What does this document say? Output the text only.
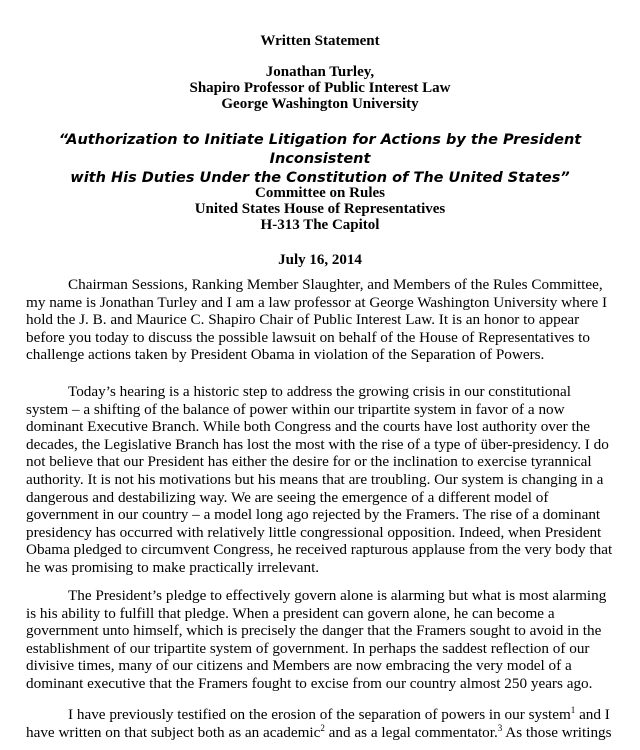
Written Statement
Jonathan Turley,
Shapiro Professor of Public Interest Law
George Washington University
“Authorization to Initiate Litigation for Actions by the President Inconsistent
with His Duties Under the Constitution of The United States”
Committee on Rules
United States House of Representatives
H-313 The Capitol
July 16, 2014
Chairman Sessions, Ranking Member Slaughter, and Members of the Rules Committee,
my name is Jonathan Turley and I am a law professor at George Washington University where I
hold the J. B. and Maurice C. Shapiro Chair of Public Interest Law. It is an honor to appear
before you today to discuss the possible lawsuit on behalf of the House of Representatives to
challenge actions taken by President Obama in violation of the Separation of Powers.
Today’s hearing is a historic step to address the growing crisis in our constitutional
system – a shifting of the balance of power within our tripartite system in favor of a now
dominant Executive Branch. While both Congress and the courts have lost authority over the
decades, the Legislative Branch has lost the most with the rise of a type of über-presidency. I do
not believe that our President has either the desire for or the inclination to exercise tyrannical
authority. It is not his motivations but his means that are troubling. Our system is changing in a
dangerous and destabilizing way. We are seeing the emergence of a different model of
government in our country – a model long ago rejected by the Framers. The rise of a dominant
presidency has occurred with relatively little congressional opposition. Indeed, when President
Obama pledged to circumvent Congress, he received rapturous applause from the very body that
he was promising to make practically irrelevant.
The President’s pledge to effectively govern alone is alarming but what is most alarming
is his ability to fulfill that pledge. When a president can govern alone, he can become a
government unto himself, which is precisely the danger that the Framers sought to avoid in the
establishment of our tripartite system of government. In perhaps the saddest reflection of our
divisive times, many of our citizens and Members are now embracing the very model of a
dominant executive that the Framers fought to excise from our country almost 250 years ago.
I have previously testified on the erosion of the separation of powers in our system$^1$ and I
have written on that subject both as an academic$^2$ and as a legal commentator.$^3$ As those writings
